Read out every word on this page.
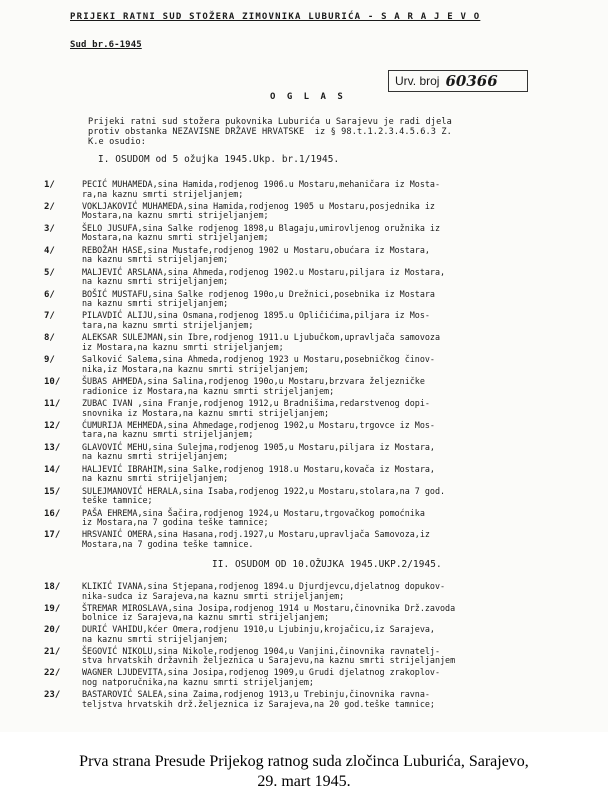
PRIJEKI RATNI SUD STOŽERA ZIMOVNIKA LUBURIĆA - S A R A J E V O
Sud br.6-1945
Urv. broj 60366
O G L A S
Prijeki ratni sud stožera pukovnika Luburića u Sarajevu je radi djela
protiv obstanka NEZAVISNE DRŽAVE HRVATSKE  iz § 98.t.1.2.3.4.5.6.3 Z.
K.e osudio:
I. OSUDOM od 5 ožujka 1945.Ukp. br.1/1945.
1/	PECIĆ MUHAMEDA,sina Hamida,rodjenog 1906.u Mostaru,mehaničara iz Mosta-
ra,na kaznu smrti strijeljanjem;
2/	VOKLJAKOVIĆ MUHAMEDA,sina Hamida,rodjenog 1905 u Mostaru,posjednika iz
Mostara,na kaznu smrti strijeljanjem;
3/	ŠELO JUSUFA,sina Salke rodjenog 1898,u Blagaju,umirovljenog oružnika iz
Mostara,na kaznu smrti strijeljanjem;
4/	REBOŽAH HASE,sina Mustafe,rodjenog 1902 u Mostaru,obućara iz Mostara,
na kaznu smrti strijeljanjem;
5/	MALJEVIĆ ARSLANA,sina Ahmeda,rodjenog 1902.u Mostaru,piljara iz Mostara,
na kaznu smrti strijeljanjem;
6/	BOŠIĆ MUSTAFU,sina Salke rodjenog 190o,u Drežnici,posebnika iz Mostara
na kaznu smrti strijeljanjem;
7/	PILAVDIĆ ALIJU,sina Osmana,rodjenog 1895.u Opličićima,piljara iz Mos-
tara,na kaznu smrti strijeljanjem;
8/	ALEKSAR SULEJMAN,sin Ibre,rodjenog 1911.u Ljubučkom,upravljača samovoza
iz Mostara,na kaznu smrti strijeljanjem;
9/	Salković Salema,sina Ahmeda,rodjenog 1923 u Mostaru,posebničkog činov-
nika,iz Mostara,na kaznu smrti strijeljanjem;
10/	ŠUBAS AHMEDA,sina Salina,rodjenog 190o,u Mostaru,brzvara željezničke
radionice iz Mostara,na kaznu smrti strijeljanjem;
11/	ZUBAC IVAN ,sina Franje,rodjenog 1912,u Bradnišima,redarstvenog dopi-
snovnika iz Mostara,na kaznu smrti strijeljanjem;
12/	ĆUMURIJA MEHMEDA,sina Ahmedage,rodjenog 1902,u Mostaru,trgovce iz Mos-
tara,na kaznu smrti strijeljanjem;
13/	GLAVOVIĆ MEHU,sina Sulejma,rodjenog 1905,u Mostaru,piljara iz Mostara,
na kaznu smrti strijeljanjem;
14/	HALJEVIĆ IBRAHIM,sina Salke,rodjenog 1918.u Mostaru,kovača iz Mostara,
na kaznu smrti strijeljanjem;
15/	SULEJMANOVIĆ HERALA,sina Isaba,rodjenog 1922,u Mostaru,stolara,na 7 god.
teške tamnice;
16/	PAŠA EHREMA,sina Šačira,rodjenog 1924,u Mostaru,trgovačkog pomoćnika
iz Mostara,na 7 godina teške tamnice;
17/	HRSVANIĆ OMERA,sina Hasana,rodj.1927,u Mostaru,upravljača Samovoza,iz
Mostara,na 7 godina teške tamnice.
II. OSUDOM OD 10.OŽUJKA 1945.UKP.2/1945.
18/	KLIKIĆ IVANA,sina Stjepana,rodjenog 1894.u Djurdjevcu,djelatnog dopukov-
nika-sudca iz Sarajeva,na kaznu smrti strijeljanjem;
19/	ŠTREMAR MIROSLAVA,sina Josipa,rodjenog 1914 u Mostaru,činovnika Drž.zavoda
bolnice iz Sarajeva,na kaznu smrti strijeljanjem;
20/	DURIĆ VAHIDU,kćer Omera,rodjenu 1910,u Ljubinju,krojačicu,iz Sarajeva,
na kaznu smrti strijeljanjem;
21/	ŠEGOVIĆ NIKOLU,sina Nikole,rodjenog 1904,u Vanjini,činovnika ravnatelj-
stva hrvatskih državnih željeznica u Sarajevu,na kaznu smrti strijeljanjem
22/	WAGNER LJUDEVITA,sina Josipa,rodjenog 1909,u Grudi djelatnog zrakoplov-
nog natporučnika,na kaznu smrti strijeljanjem;
23/	BASTAROVIĆ SALEA,sina Zaima,rodjenog 1913,u Trebinju,činovnika ravna-
teljstva hrvatskih drž.željeznica iz Sarajeva,na 20 god.teške tamnice;
Prva strana Presude Prijekog ratnog suda zločinca Luburića, Sarajevo,
29. mart 1945.
